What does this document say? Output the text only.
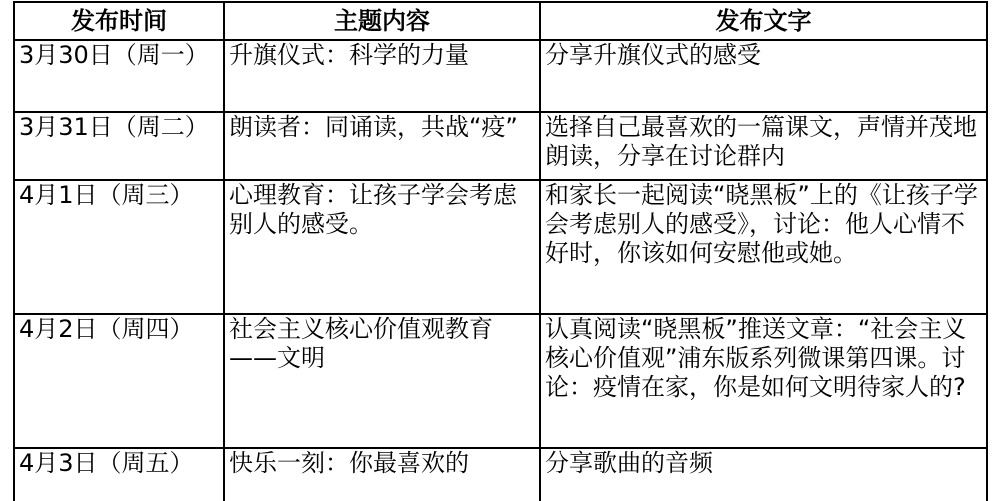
发布时间	主题内容	发布文字
3月30日（周一）	升旗仪式：科学的力量	分享升旗仪式的感受
3月31日（周二）	朗读者：同诵读，共战“疫”	选择自己最喜欢的一篇课文，声情并茂地朗读，分享在讨论群内
4月1日（周三）	心理教育：让孩子学会考虑别人的感受。	和家长一起阅读“晓黑板”上的《让孩子学会考虑别人的感受》，讨论：他人心情不好时，你该如何安慰他或她。
4月2日（周四）	社会主义核心价值观教育——文明	认真阅读“晓黑板”推送文章：“社会主义核心价值观”浦东版系列微课第四课。讨论：疫情在家，你是如何文明待家人的?
4月3日（周五）	快乐一刻：你最喜欢的	分享歌曲的音频
